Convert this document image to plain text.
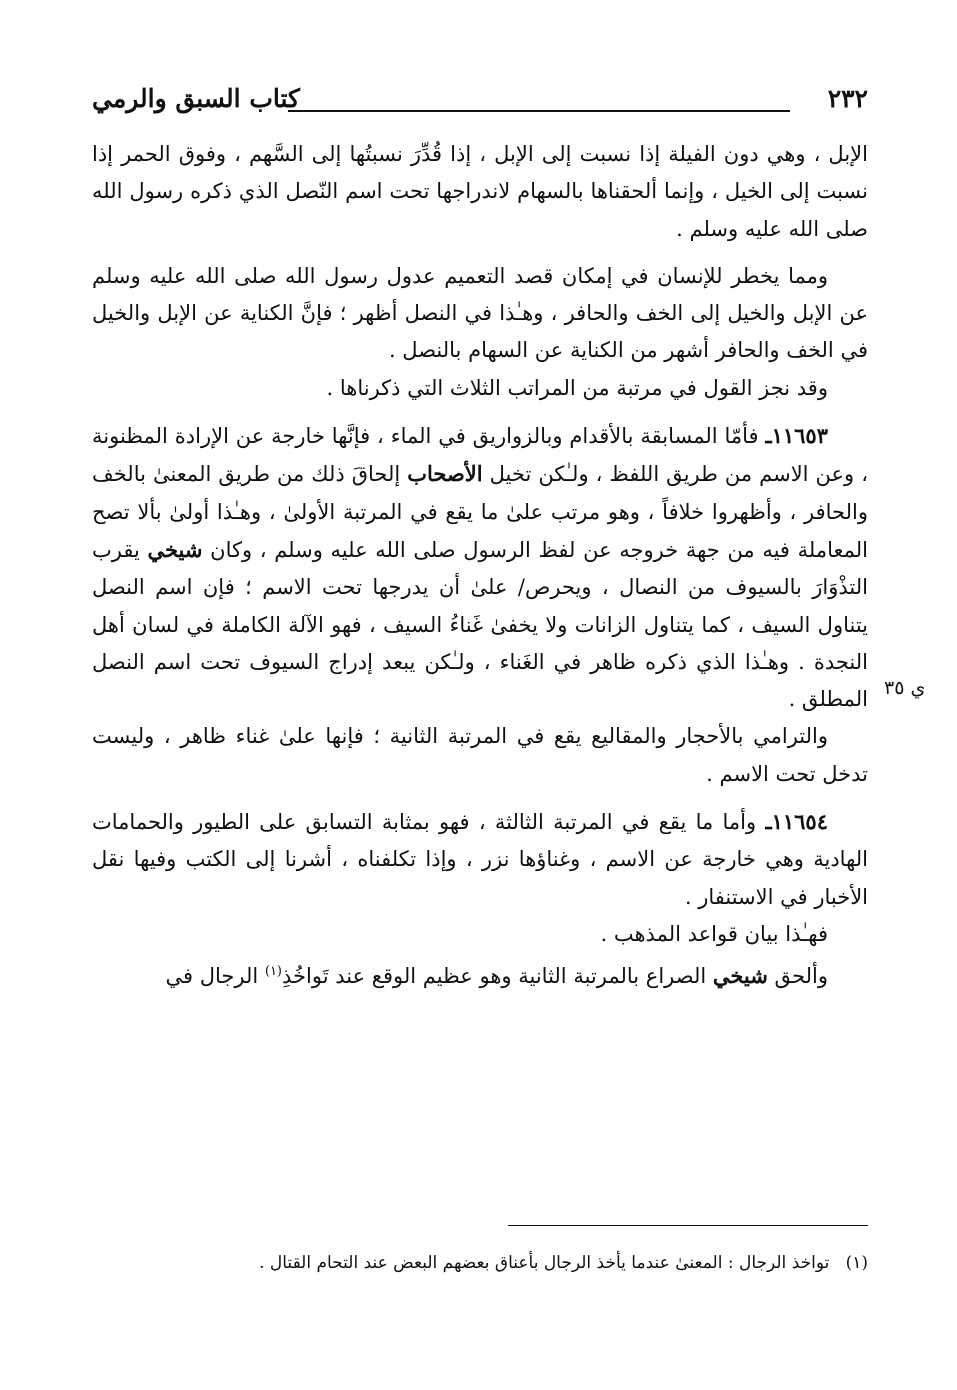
٢٣٢
كتاب السبق والرمي
ي ٣٥

الإبل ، وهي دون الفيلة إذا نسبت إلى الإبل ، إذا قُدِّرَ نسبتُها إلى السَّهم ، وفوق الحمر إذا نسبت إلى الخيل ، وإنما ألحقناها بالسهام لاندراجها تحت اسم النّصل الذي ذكره رسول الله صلى الله عليه وسلم .

ومما يخطر للإنسان في إمكان قصد التعميم عدول رسول الله صلى الله عليه وسلم عن الإبل والخيل إلى الخف والحافر ، وهـٰذا في النصل أظهر ؛ فإنَّ الكناية عن الإبل والخيل في الخف والحافر أشهر من الكناية عن السهام بالنصل .

وقد نجز القول في مرتبة من المراتب الثلاث التي ذكرناها .

١١٦٥٣ـ فأمّا المسابقة بالأقدام وبالزواريق في الماء ، فإنَّها خارجة عن الإرادة المظنونة ، وعن الاسم من طريق اللفظ ، ولـٰكن تخيل الأصحاب إلحاقَ ذلك من طريق المعنىٰ بالخف والحافر ، وأظهروا خلافاً ، وهو مرتب علىٰ ما يقع في المرتبة الأولىٰ ، وهـٰذا أولىٰ بألا تصح المعاملة فيه من جهة خروجه عن لفظ الرسول صلى الله عليه وسلم ، وكان شيخي يقرب التذْوَارَ بالسيوف من النصال ، ويحرص/ علىٰ أن يدرجها تحت الاسم ؛ فإن اسم النصل يتناول السيف ، كما يتناول الزانات ولا يخفىٰ غَناءُ السيف ، فهو الآلة الكاملة في لسان أهل النجدة . وهـٰذا الذي ذكره ظاهر في الغَناء ، ولـٰكن يبعد إدراج السيوف تحت اسم النصل المطلق .

والترامي بالأحجار والمقاليع يقع في المرتبة الثانية ؛ فإنها علىٰ غناء ظاهر ، وليست تدخل تحت الاسم .

١١٦٥٤ـ وأما ما يقع في المرتبة الثالثة ، فهو بمثابة التسابق على الطيور والحمامات الهادية وهي خارجة عن الاسم ، وغناؤها نزر ، وإذا تكلفناه ، أشرنا إلى الكتب وفيها نقل الأخبار في الاستنفار .

فهـٰذا بيان قواعد المذهب .

وألحق شيخي الصراع بالمرتبة الثانية وهو عظيم الوقع عند تَواخُذِ$^{(١)}$ الرجال في

(١)   تواخذ الرجال : المعنىٰ عندما يأخذ الرجال بأعناق بعضهم البعض عند التحام القتال .
